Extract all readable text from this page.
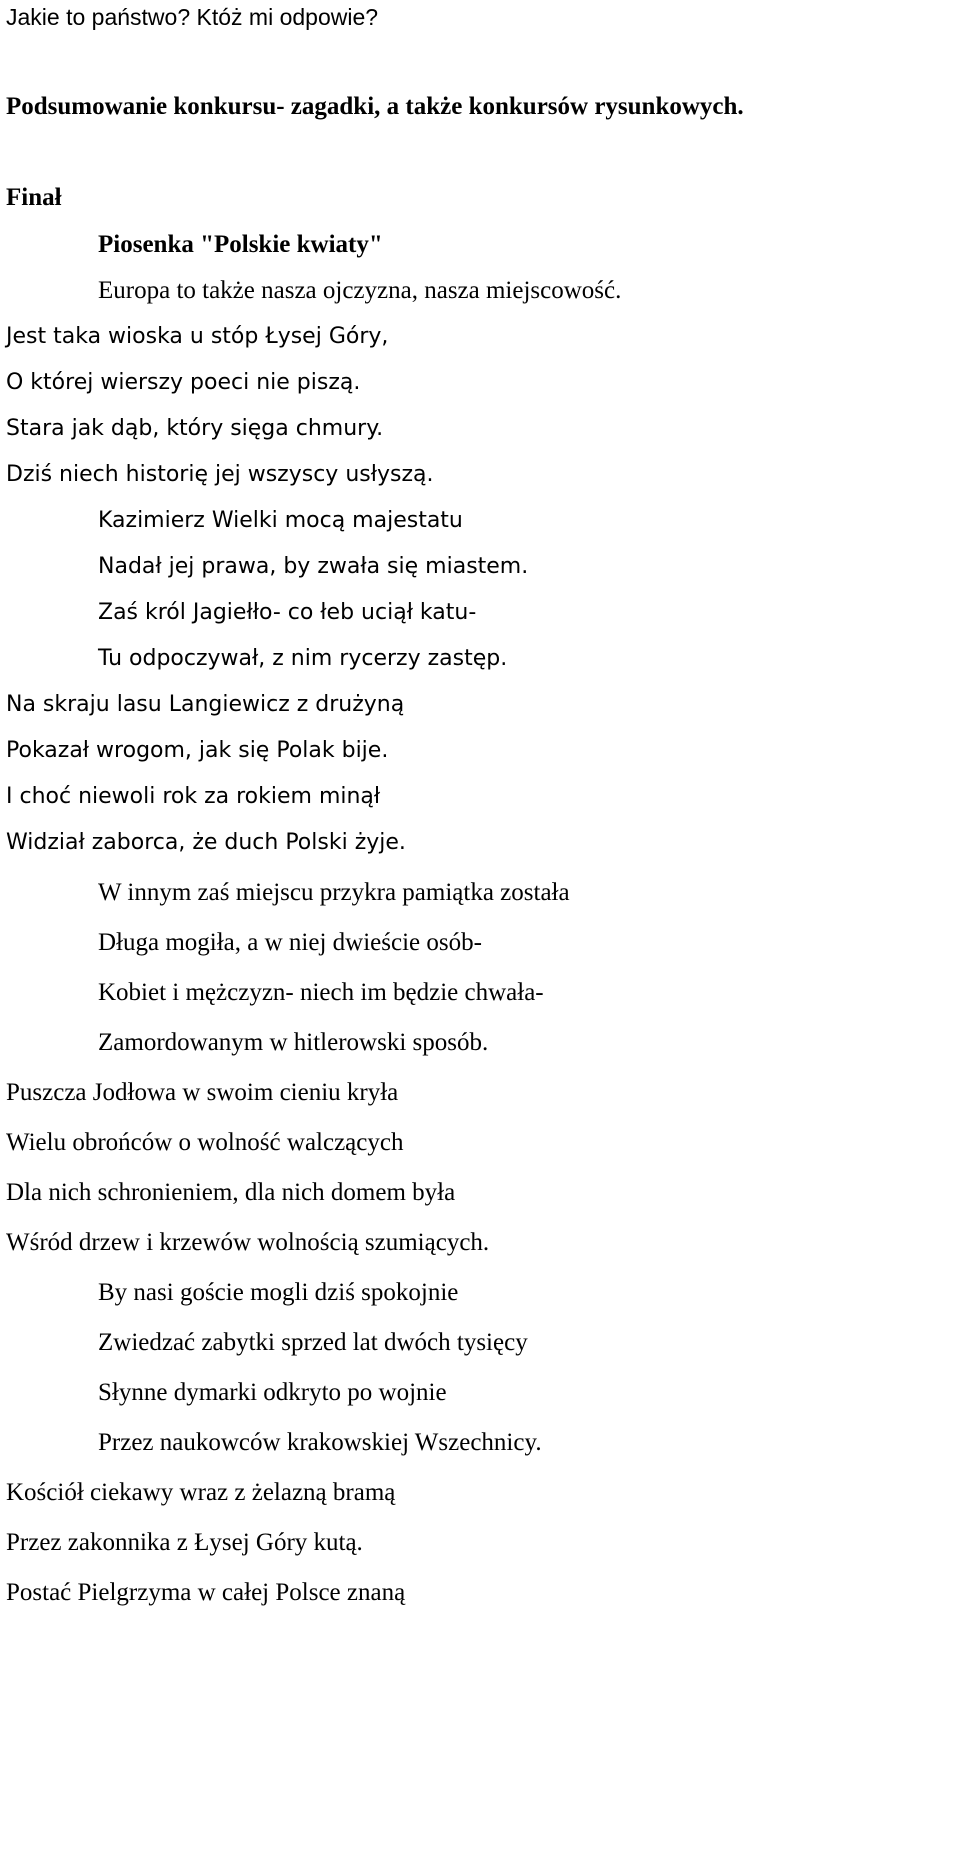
Jakie to państwo? Któż mi odpowie?
Podsumowanie konkursu- zagadki, a także konkursów rysunkowych.
Finał
Piosenka "Polskie kwiaty"
Europa to także nasza ojczyzna, nasza miejscowość.
Jest taka wioska u stóp Łysej Góry,
O której wierszy poeci nie piszą.
Stara jak dąb, który sięga chmury.
Dziś niech historię jej wszyscy usłyszą.
Kazimierz Wielki mocą majestatu
Nadał jej prawa, by zwała się miastem.
Zaś król Jagiełło- co łeb uciął katu-
Tu odpoczywał, z nim rycerzy zastęp.
Na skraju lasu Langiewicz z drużyną
Pokazał wrogom, jak się Polak bije.
I choć niewoli rok za rokiem minął
Widział zaborca, że duch Polski żyje.
W innym zaś miejscu przykra pamiątka została
Długa mogiła, a w niej dwieście osób-
Kobiet i mężczyzn- niech im będzie chwała-
Zamordowanym w hitlerowski sposób.
Puszcza Jodłowa w swoim cieniu kryła
Wielu obrońców o wolność walczących
Dla nich schronieniem, dla nich domem była
Wśród drzew i krzewów wolnością szumiących.
By nasi goście mogli dziś spokojnie
Zwiedzać zabytki sprzed lat dwóch tysięcy
Słynne dymarki odkryto po wojnie
Przez naukowców krakowskiej Wszechnicy.
Kościół ciekawy wraz z żelazną bramą
Przez zakonnika z Łysej Góry kutą.
Postać Pielgrzyma w całej Polsce znaną
